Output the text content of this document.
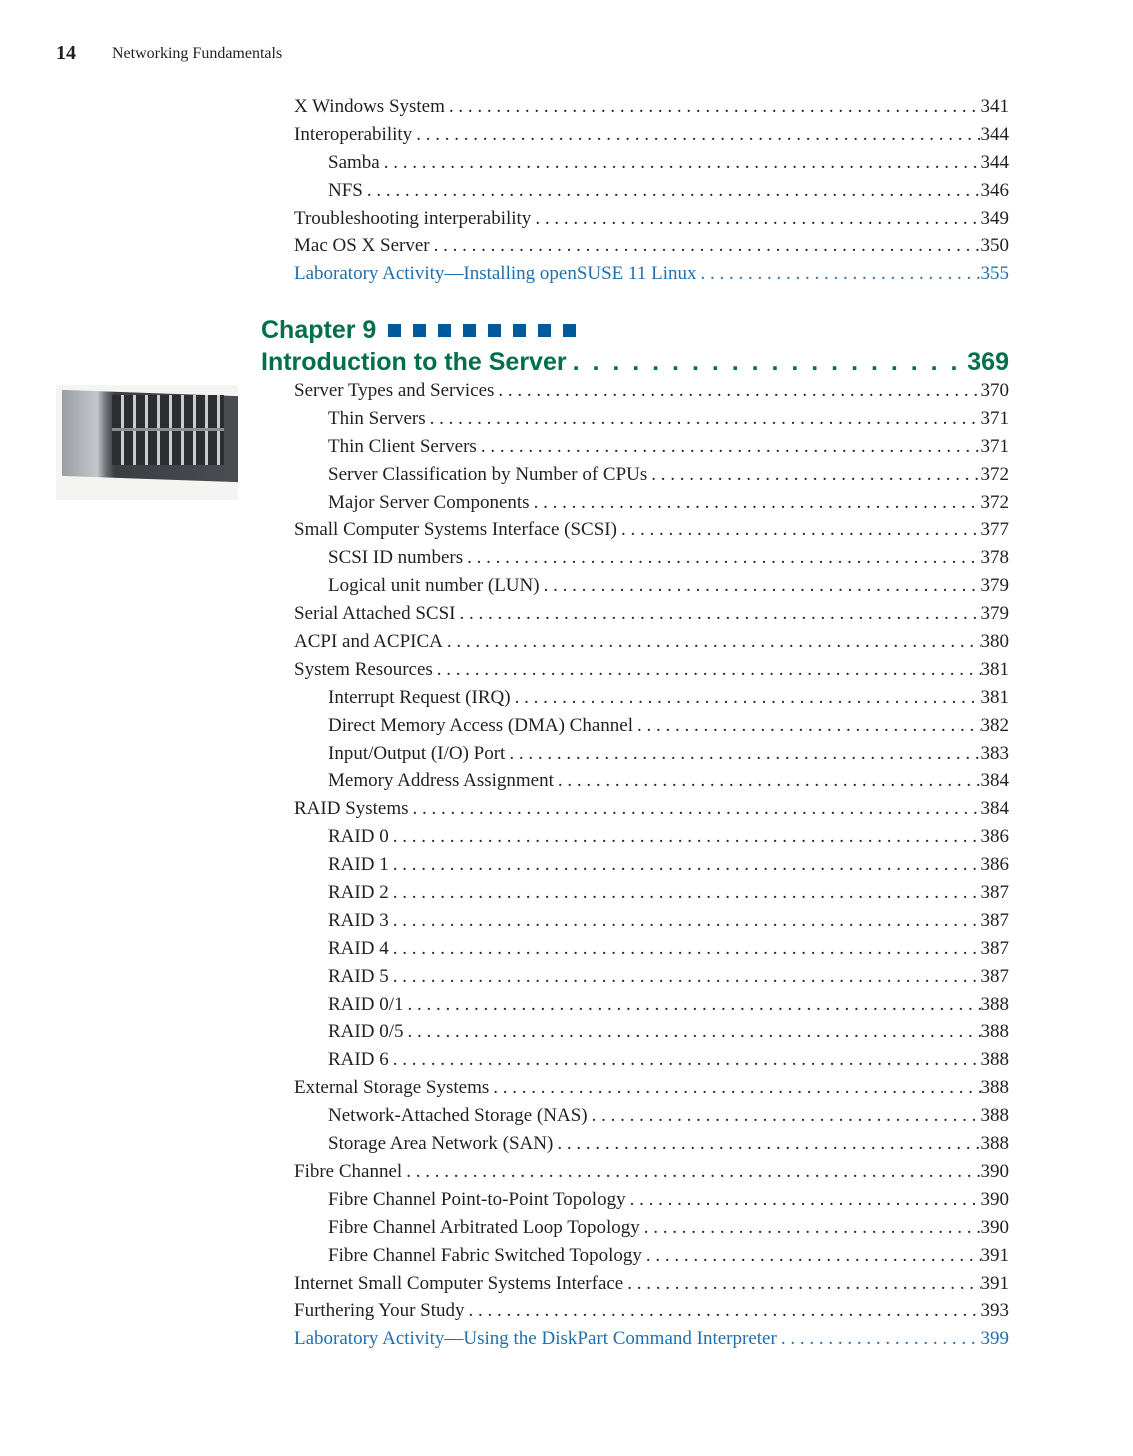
14 Networking Fundamentals
X Windows System . . .	341
Interoperability . . .	344
Samba . . .	344
NFS . . .	346
Troubleshooting interperability . . .	349
Mac OS X Server . . .	350
Laboratory Activity—Installing openSUSE 11 Linux . . .	355
Chapter 9
Introduction to the Server . . .	369
Server Types and Services . . .	370
Thin Servers . . .	371
Thin Client Servers . . .	371
Server Classification by Number of CPUs . . .	372
Major Server Components . . .	372
Small Computer Systems Interface (SCSI) . . .	377
SCSI ID numbers . . .	378
Logical unit number (LUN) . . .	379
Serial Attached SCSI . . .	379
ACPI and ACPICA . . .	380
System Resources . . .	381
Interrupt Request (IRQ) . . .	381
Direct Memory Access (DMA) Channel . . .	382
Input/Output (I/O) Port . . .	383
Memory Address Assignment . . .	384
RAID Systems . . .	384
RAID 0 . . .	386
RAID 1 . . .	386
RAID 2 . . .	387
RAID 3 . . .	387
RAID 4 . . .	387
RAID 5 . . .	387
RAID 0/1 . . .	388
RAID 0/5 . . .	388
RAID 6 . . .	388
External Storage Systems . . .	388
Network-Attached Storage (NAS) . . .	388
Storage Area Network (SAN) . . .	388
Fibre Channel . . .	390
Fibre Channel Point-to-Point Topology . . .	390
Fibre Channel Arbitrated Loop Topology . . .	390
Fibre Channel Fabric Switched Topology . . .	391
Internet Small Computer Systems Interface . . .	391
Furthering Your Study . . .	393
Laboratory Activity—Using the DiskPart Command Interpreter . . .	399
